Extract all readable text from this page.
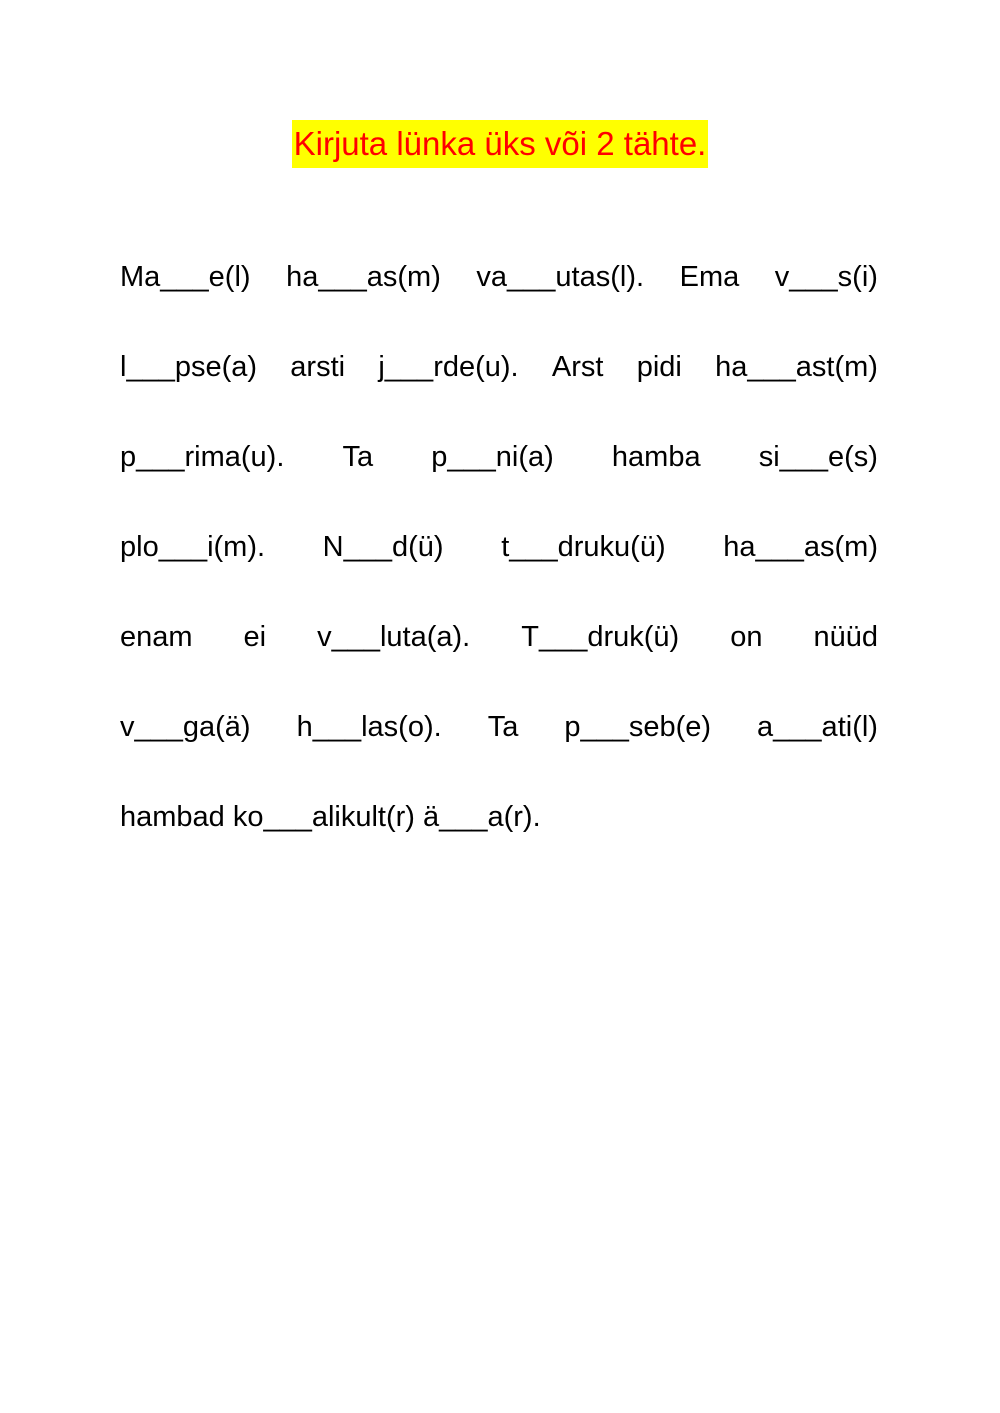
Kirjuta lünka üks või 2 tähte.
Ma___e(l) ha___as(m) va___utas(l). Ema v___s(i)
l___pse(a) arsti j___rde(u). Arst pidi ha___ast(m)
p___rima(u). Ta p___ni(a) hamba si___e(s)
plo___i(m). N___d(ü) t___druku(ü) ha___as(m)
enam ei v___luta(a). T___druk(ü) on nüüd
v___ga(ä) h___las(o). Ta p___seb(e) a___ati(l)
hambad ko___alikult(r) ä___a(r).
